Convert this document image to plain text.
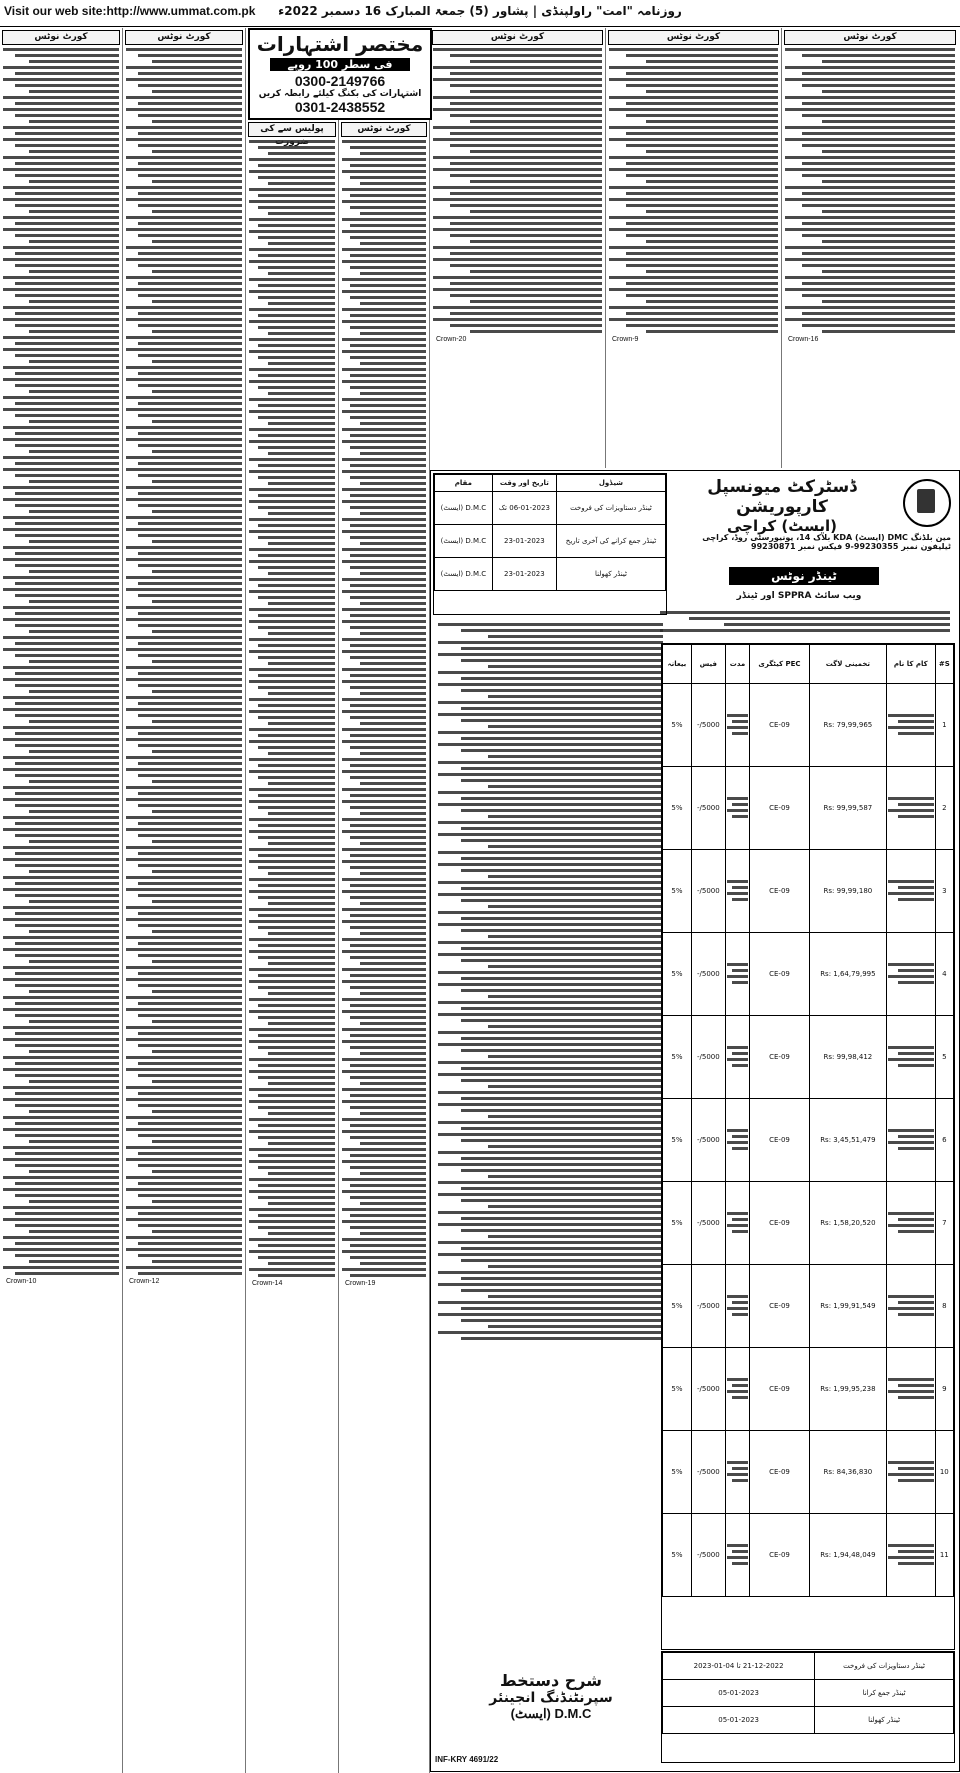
Visit our web site:http://www.ummat.com.pk	روزنامہ "امت" راولپنڈی | پشاور (5) جمعۃ المبارک 16 دسمبر 2022ء
کورٹ نوٹس
Crown-10
کورٹ نوٹس
Crown-12
مختصر اشتہارات
فی سطر 100 روپے
0300-2149766
اشتہارات کی بکنگ کیلئے رابطہ کریں
0301-2438552
پولیس سے کی
Crown-14
کورٹ نوٹس
Crown-19
کورٹ نوٹس
Crown-20
کورٹ نوٹس
Crown-9
کورٹ نوٹس
Crown-16
ڈسٹرکٹ میونسپل کارپوریشن
(ایسٹ) کراچی
مین بلڈنگ DMC (ایسٹ) KDA بلاک 14، یونیورسٹی روڈ، کراچی
ٹیلیفون نمبر 99230355-9 فیکس نمبر 99230871
ٹینڈر نوٹس
ویب سائٹ SPPRA اور ٹینڈر
شیڈول	تاریخ اور وقت	مقام
ٹینڈر دستاویزات کی فروخت	06-01-2023 تک	D.M.C (ایسٹ)
ٹینڈر جمع کرانے کی آخری تاریخ	23-01-2023	D.M.C (ایسٹ)
ٹینڈر کھولنا	23-01-2023	D.M.C (ایسٹ)
S#	کام کا نام	تخمینی لاگت	PEC کیٹگری	مدت	فیس	بیعانہ
1		Rs: 79,99,965	CE-09		5000/-	5%
2		Rs: 99,99,587	CE-09		5000/-	5%
3		Rs: 99,99,180	CE-09		5000/-	5%
4		Rs: 1,64,79,995	CE-09		5000/-	5%
5		Rs: 99,98,412	CE-09		5000/-	5%
6		Rs: 3,45,51,479	CE-09		5000/-	5%
7		Rs: 1,58,20,520	CE-09		5000/-	5%
8		Rs: 1,99,91,549	CE-09		5000/-	5%
9		Rs: 1,99,95,238	CE-09		5000/-	5%
10		Rs: 84,36,830	CE-09		5000/-	5%
11		Rs: 1,94,48,049	CE-09		5000/-	5%
ٹینڈر دستاویزات کی فروخت	21-12-2022 تا 04-01-2023
ٹینڈر جمع کرانا	05-01-2023
ٹینڈر کھولنا	05-01-2023
شرح دستخط
سپرنٹنڈنگ انجینئر
D.M.C (ایسٹ)
INF-KRY 4691/22
